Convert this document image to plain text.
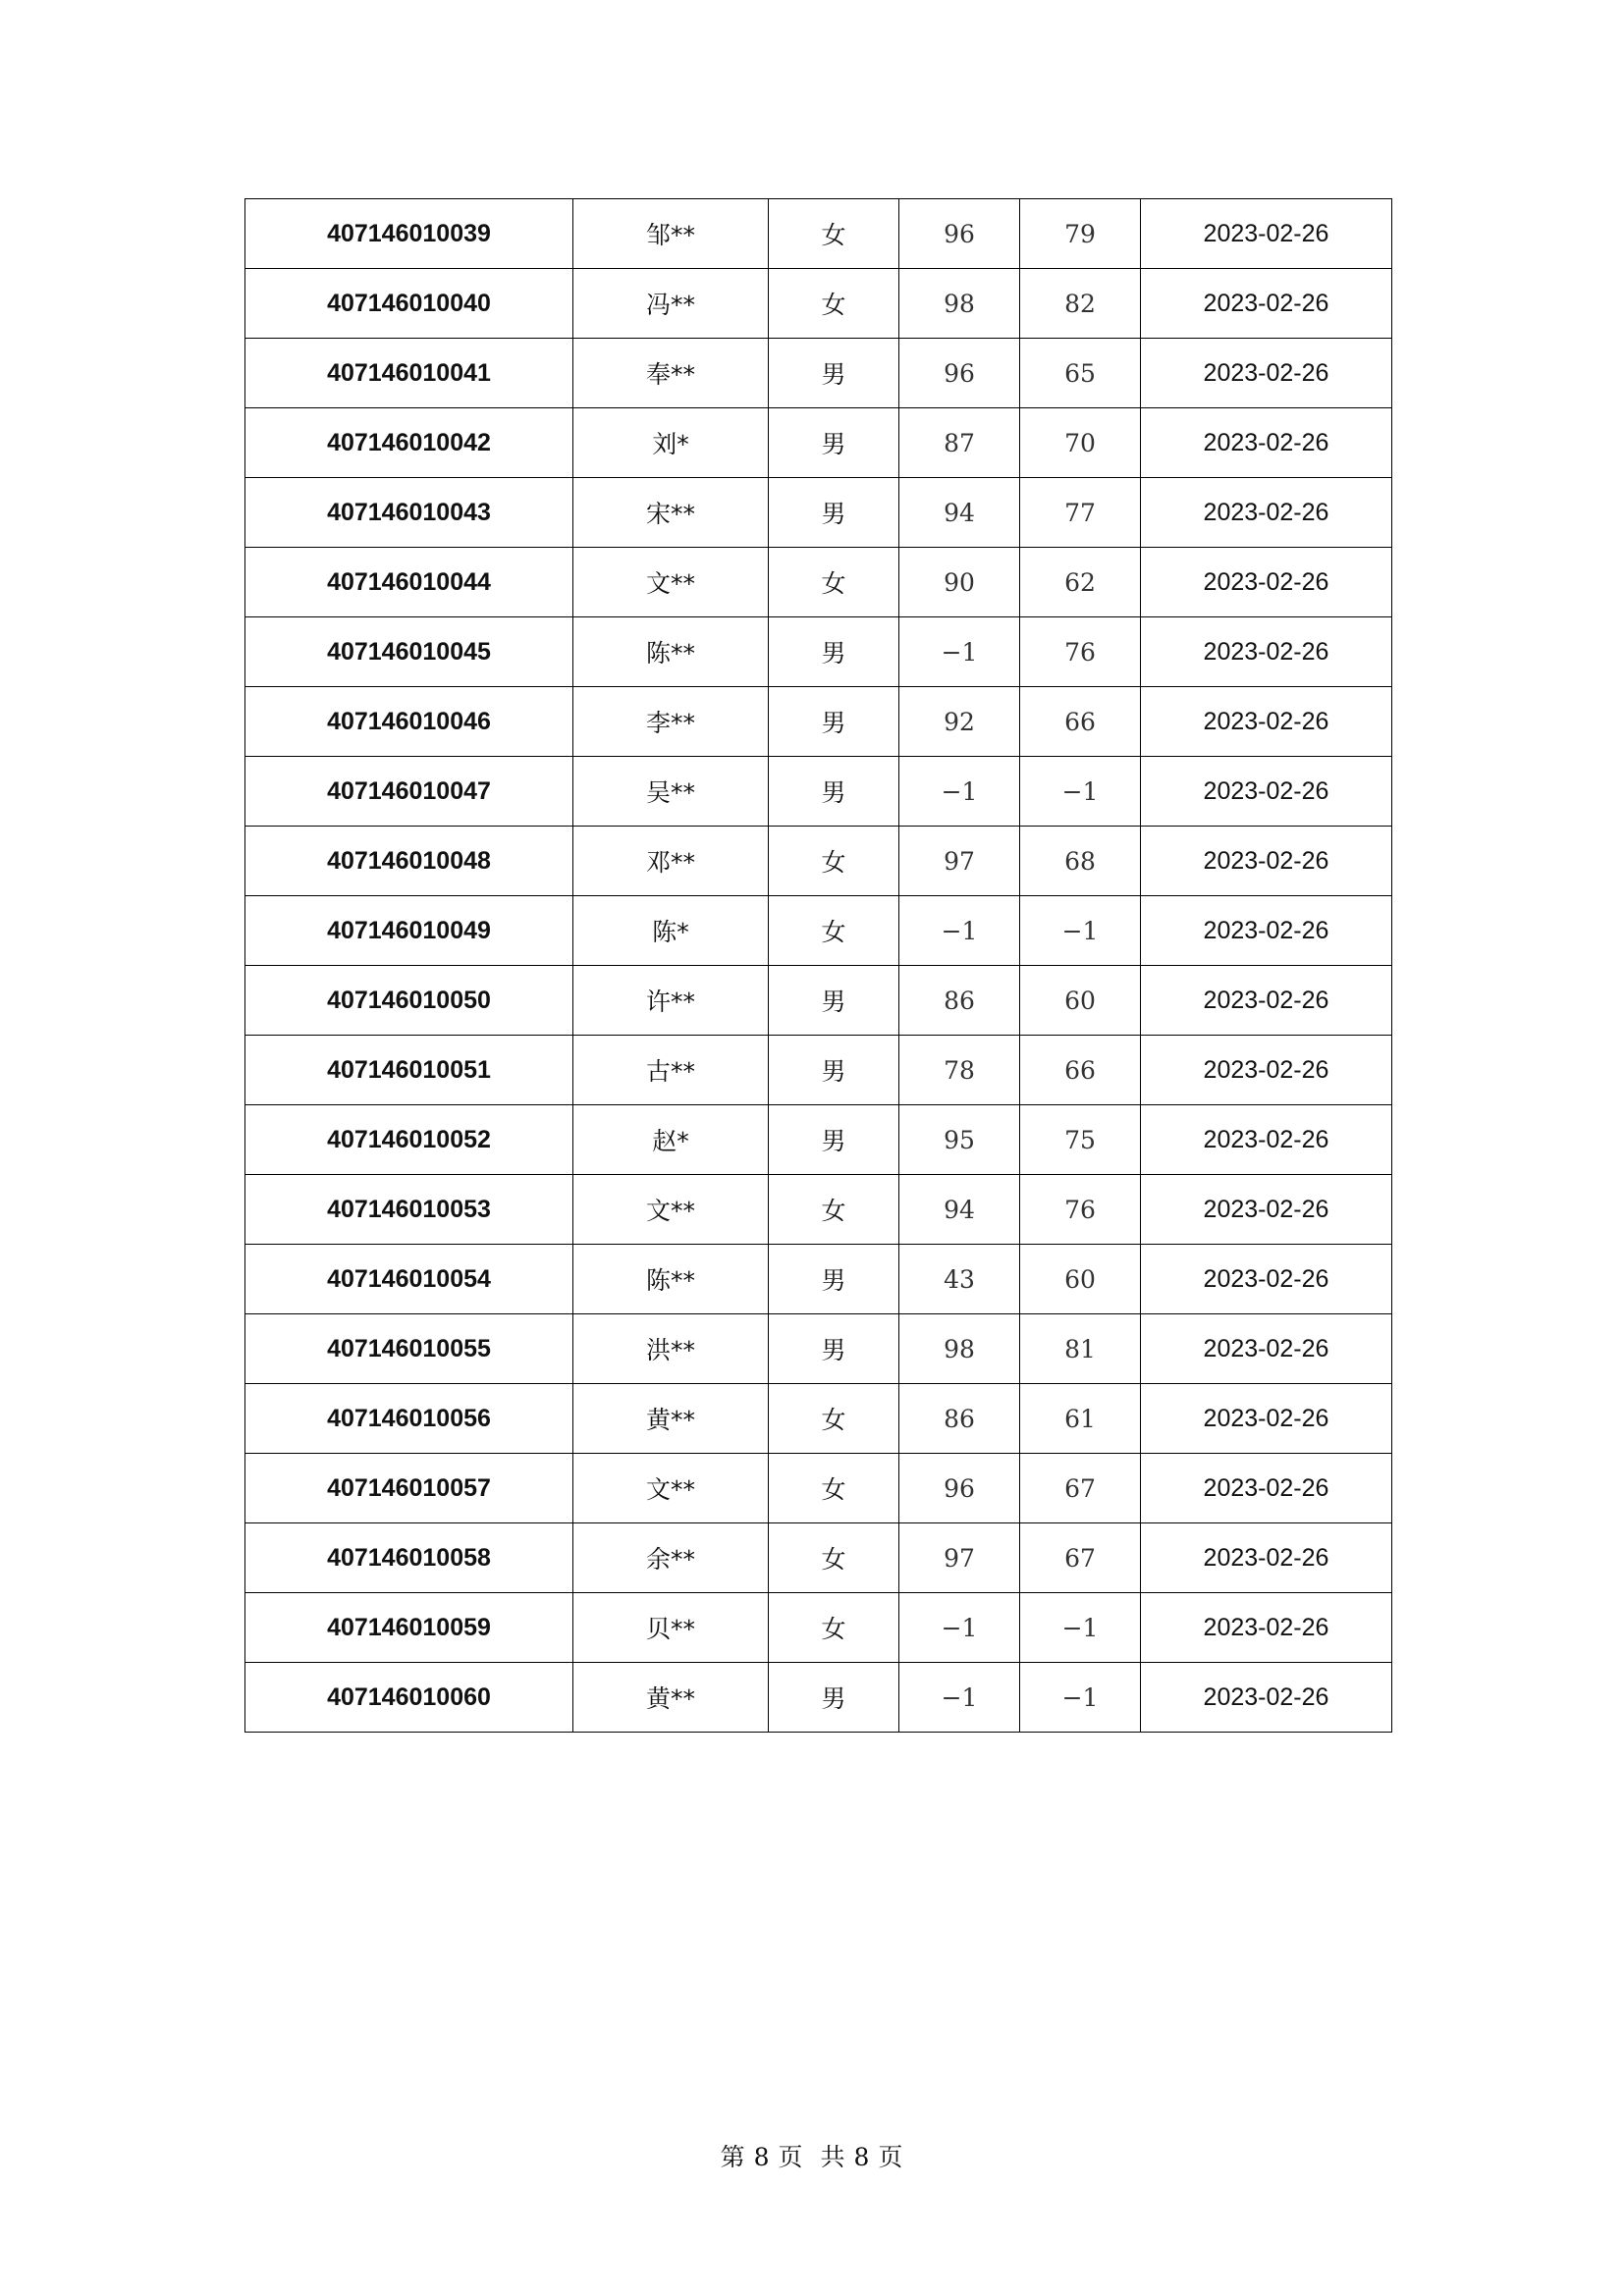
407146010039	邹**	女	96	79	2023-02-26
407146010040	冯**	女	98	82	2023-02-26
407146010041	奉**	男	96	65	2023-02-26
407146010042	刘*	男	87	70	2023-02-26
407146010043	宋**	男	94	77	2023-02-26
407146010044	文**	女	90	62	2023-02-26
407146010045	陈**	男	−1	76	2023-02-26
407146010046	李**	男	92	66	2023-02-26
407146010047	吴**	男	−1	−1	2023-02-26
407146010048	邓**	女	97	68	2023-02-26
407146010049	陈*	女	−1	−1	2023-02-26
407146010050	许**	男	86	60	2023-02-26
407146010051	古**	男	78	66	2023-02-26
407146010052	赵*	男	95	75	2023-02-26
407146010053	文**	女	94	76	2023-02-26
407146010054	陈**	男	43	60	2023-02-26
407146010055	洪**	男	98	81	2023-02-26
407146010056	黄**	女	86	61	2023-02-26
407146010057	文**	女	96	67	2023-02-26
407146010058	余**	女	97	67	2023-02-26
407146010059	贝**	女	−1	−1	2023-02-26
407146010060	黄**	男	−1	−1	2023-02-26
第 8 页 共 8 页
